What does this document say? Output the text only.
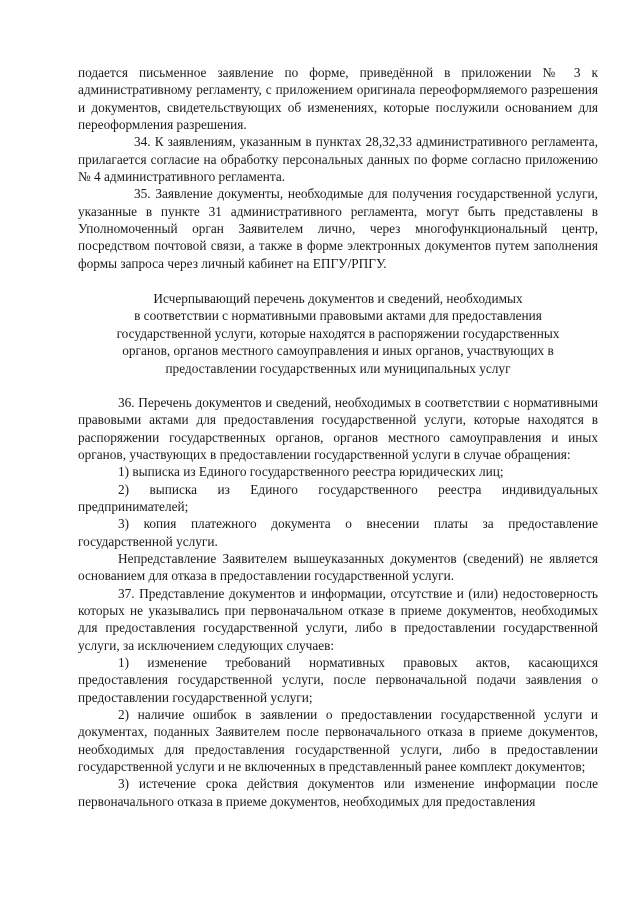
подается письменное заявление по форме, приведённой в приложении № 3 к административному регламенту, с приложением оригинала переоформляемого разрешения и документов, свидетельствующих об изменениях, которые послужили основанием для переоформления разрешения.

34. К заявлениям, указанным в пунктах 28,32,33 административного регламента, прилагается согласие на обработку персональных данных по форме согласно приложению № 4 административного регламента.

35. Заявление документы, необходимые для получения государственной услуги, указанные в пункте 31 административного регламента, могут быть представлены в Уполномоченный орган Заявителем лично, через многофункциональный центр, посредством почтовой связи, а также в форме электронных документов путем заполнения формы запроса через личный кабинет на ЕПГУ/РПГУ.

Исчерпывающий перечень документов и сведений, необходимых
в соответствии с нормативными правовыми актами для предоставления
государственной услуги, которые находятся в распоряжении государственных
органов, органов местного самоуправления и иных органов, участвующих в
предоставлении государственных или муниципальных услуг

36. Перечень документов и сведений, необходимых в соответствии с нормативными правовыми актами для предоставления государственной услуги, которые находятся в распоряжении государственных органов, органов местного самоуправления и иных органов, участвующих в предоставлении государственной услуги в случае обращения:

1) выписка из Единого государственного реестра юридических лиц;

2) выписка из Единого государственного реестра индивидуальных предпринимателей;

3) копия платежного документа о внесении платы за предоставление государственной услуги.

Непредставление Заявителем вышеуказанных документов (сведений) не является основанием для отказа в предоставлении государственной услуги.

37. Представление документов и информации, отсутствие и (или) недостоверность которых не указывались при первоначальном отказе в приеме документов, необходимых для предоставления государственной услуги, либо в предоставлении государственной услуги, за исключением следующих случаев:

1) изменение требований нормативных правовых актов, касающихся предоставления государственной услуги, после первоначальной подачи заявления о предоставлении государственной услуги;

2) наличие ошибок в заявлении о предоставлении государственной услуги и документах, поданных Заявителем после первоначального отказа в приеме документов, необходимых для предоставления государственной услуги, либо в предоставлении государственной услуги и не включенных в представленный ранее комплект документов;

3) истечение срока действия документов или изменение информации после первоначального отказа в приеме документов, необходимых для предоставления
